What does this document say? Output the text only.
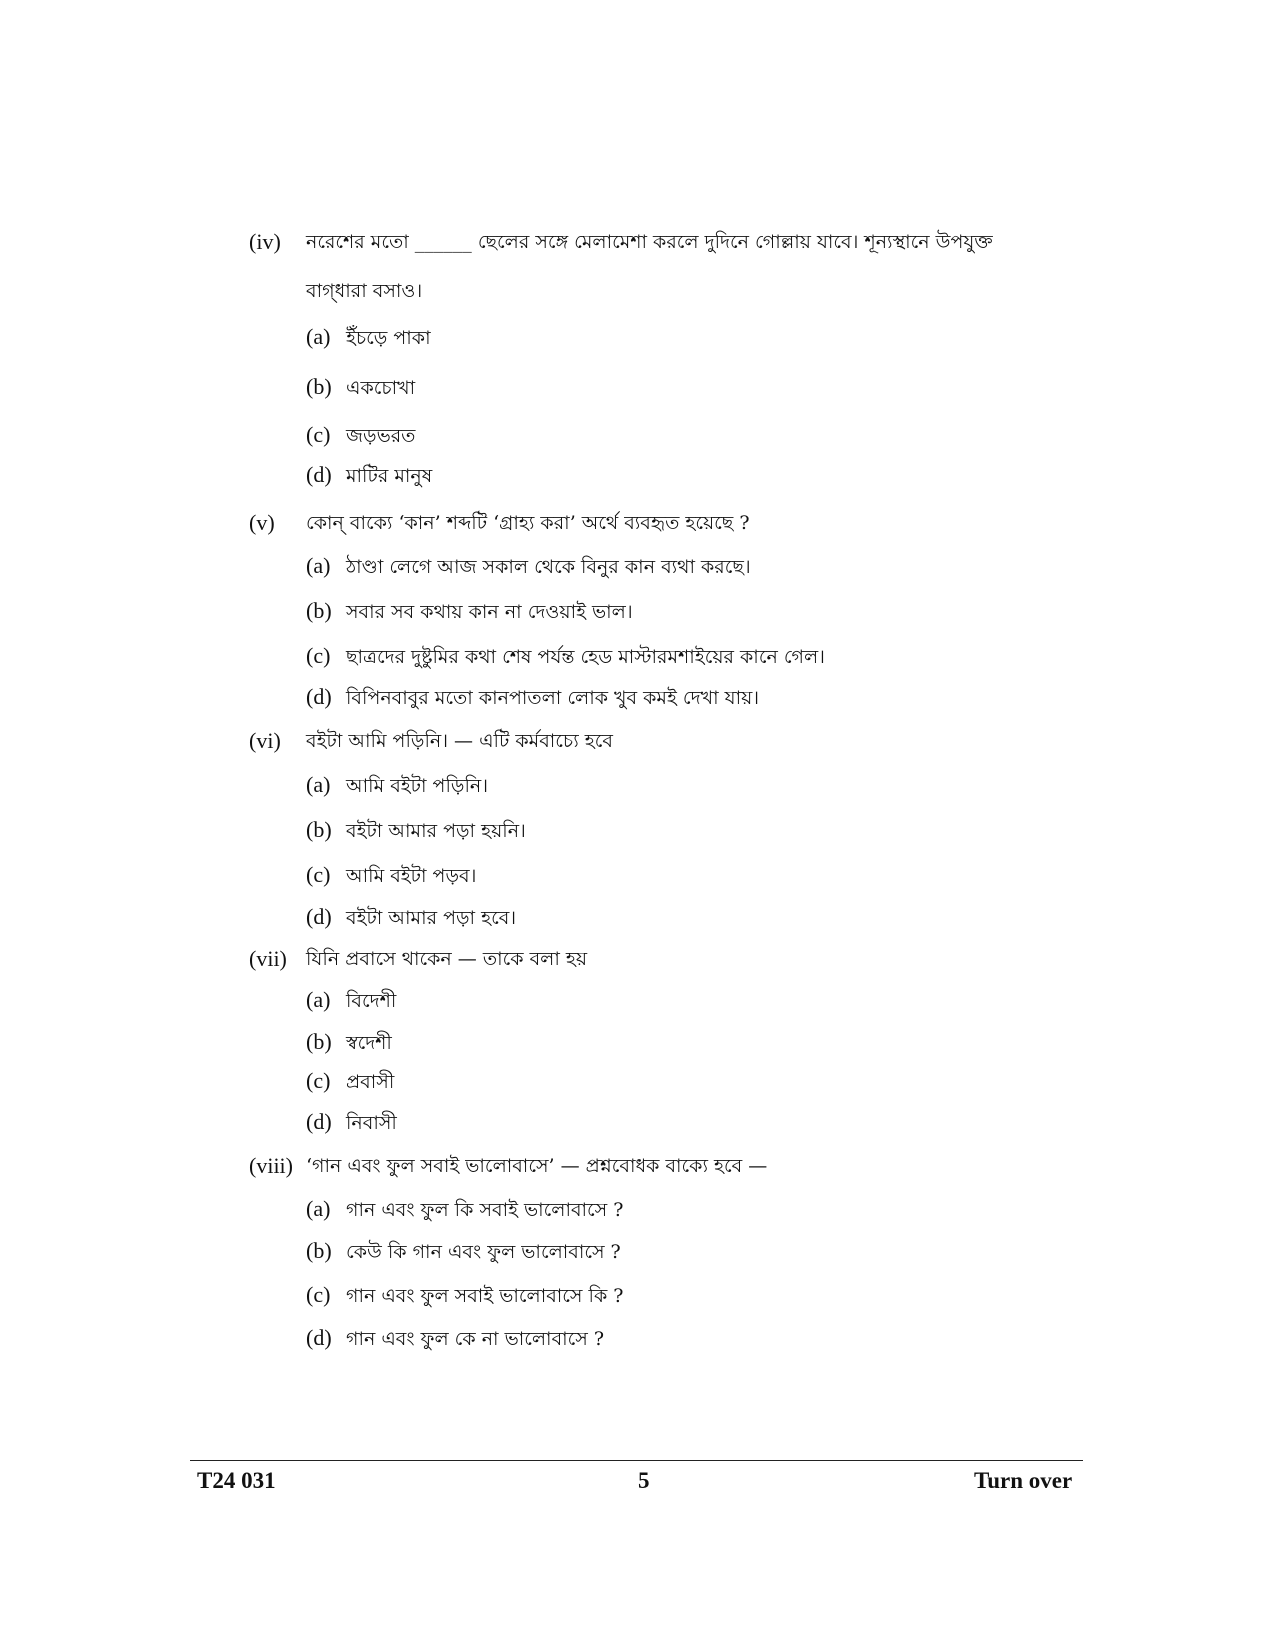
(iv) নরেশের মতো ______ ছেলের সঙ্গে মেলামেশা করলে দুদিনে গোল্লায় যাবে। শূন্যস্থানে উপযুক্ত
বাগ্‌ধারা বসাও।
(a) ইঁচড়ে পাকা
(b) একচোখা
(c) জড়ভরত
(d) মাটির মানুষ
(v) কোন্ বাক্যে ‘কান’ শব্দটি ‘গ্রাহ্য করা’ অর্থে ব্যবহৃত হয়েছে ?
(a) ঠাণ্ডা লেগে আজ সকাল থেকে বিনুর কান ব্যথা করছে।
(b) সবার সব কথায় কান না দেওয়াই ভাল।
(c) ছাত্রদের দুষ্টুমির কথা শেষ পর্যন্ত হেড মাস্টারমশাইয়ের কানে গেল।
(d) বিপিনবাবুর মতো কানপাতলা লোক খুব কমই দেখা যায়।
(vi) বইটা আমি পড়িনি। — এটি কর্মবাচ্যে হবে
(a) আমি বইটা পড়িনি।
(b) বইটা আমার পড়া হয়নি।
(c) আমি বইটা পড়ব।
(d) বইটা আমার পড়া হবে।
(vii) যিনি প্রবাসে থাকেন — তাকে বলা হয়
(a) বিদেশী
(b) স্বদেশী
(c) প্রবাসী
(d) নিবাসী
(viii) ‘গান এবং ফুল সবাই ভালোবাসে’ — প্রশ্নবোধক বাক্যে হবে —
(a) গান এবং ফুল কি সবাই ভালোবাসে ?
(b) কেউ কি গান এবং ফুল ভালোবাসে ?
(c) গান এবং ফুল সবাই ভালোবাসে কি ?
(d) গান এবং ফুল কে না ভালোবাসে ?
T24 031	5	Turn over
